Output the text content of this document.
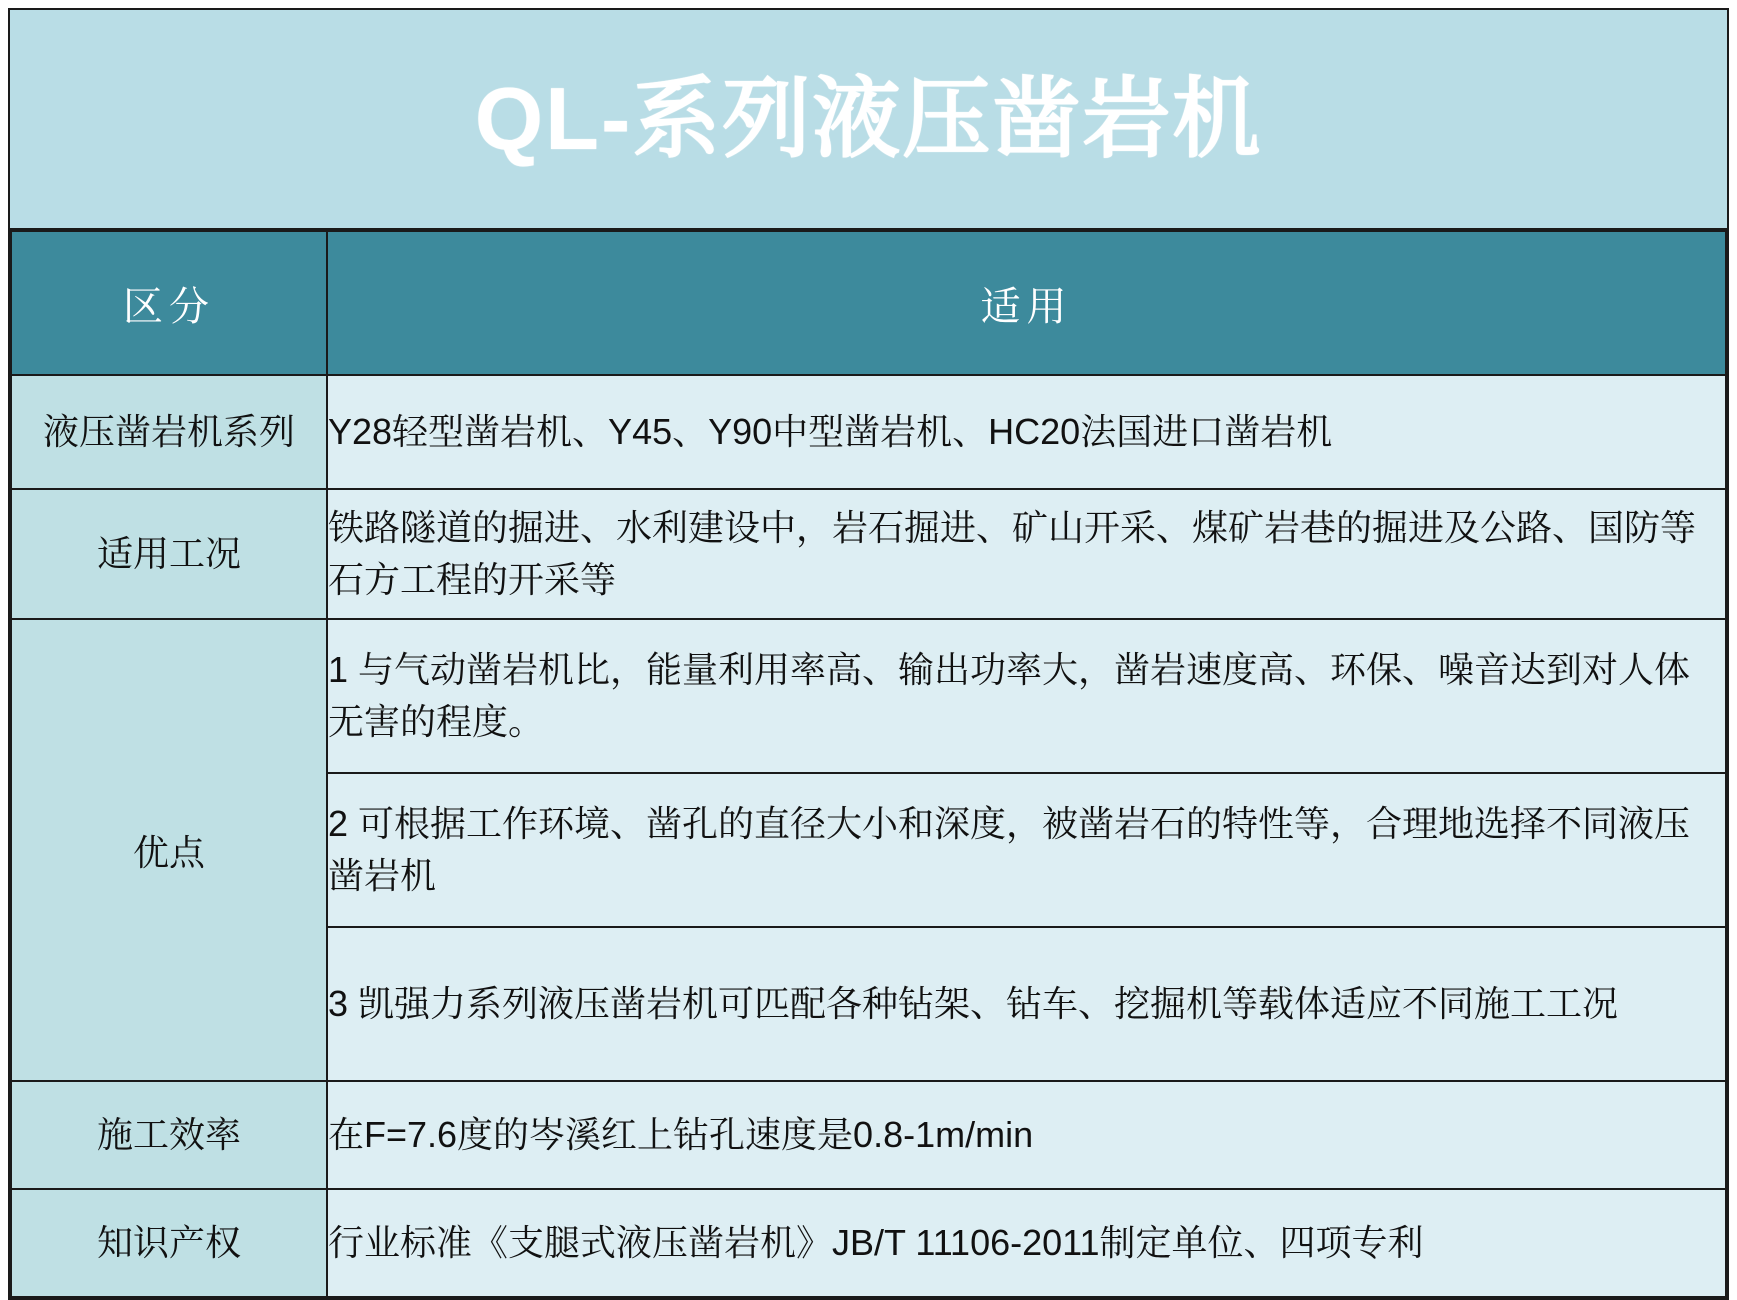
QL-系列液压凿岩机
区分	适用

液压凿岩机系列	Y28轻型凿岩机、Y45、Y90中型凿岩机、HC20法国进口凿岩机
适用工况	铁路隧道的掘进、水利建设中，岩石掘进、矿山开采、煤矿岩巷的掘进及公路、国防等石方工程的开采等
优点	1 与气动凿岩机比，能量利用率高、输出功率大，凿岩速度高、环保、噪音达到对人体无害的程度。
	2 可根据工作环境、凿孔的直径大小和深度，被凿岩石的特性等，合理地选择不同液压凿岩机
	3 凯强力系列液压凿岩机可匹配各种钻架、钻车、挖掘机等载体适应不同施工工况
施工效率	在F=7.6度的岑溪红上钻孔速度是0.8-1m/min
知识产权	行业标准《支腿式液压凿岩机》JB/T 11106-2011制定单位、四项专利
